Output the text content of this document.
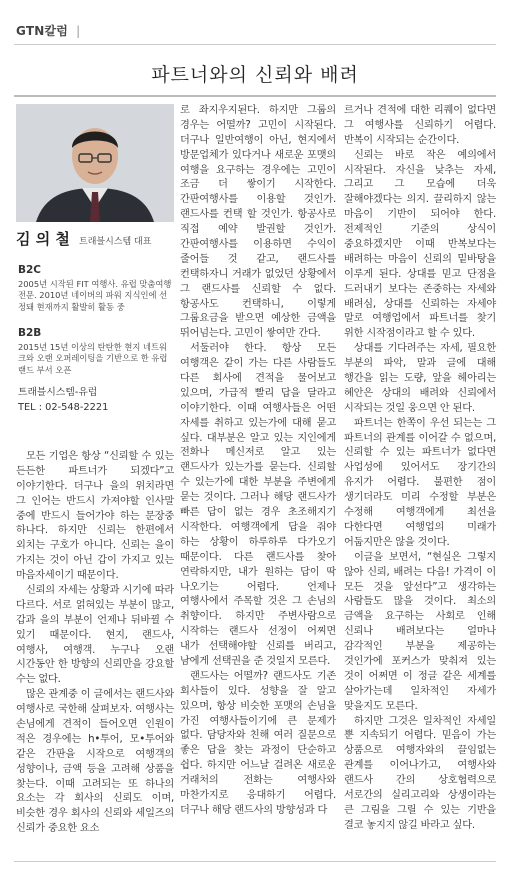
GTN칼럼 |
파트너와의 신뢰와 배려
김 의 철 트래블시스템 대표
B2C
2005년 시작된 FIT 여행사. 유럽 맞춤여행 전문. 2010년 네이버의 파워 지식인에 선정돼 현재까지 활발히 활동 중
B2B
2015년 15년 이상의 탄탄한 현지 네트워크와 오랜 오퍼레이팅을 기반으로 한 유럽 랜드 부서 오픈
트래블시스템-유럽
TEL : 02-548-2221

모든 기업은 항상 “신뢰할 수 있는 든든한 파트너가 되겠다”고 이야기한다. 더구나 을의 위치라면 그 인어는 반드시 가져야할 인사말 중에 반드시 들어가야 하는 문장중 하나다. 하지만 신뢰는 한편에서 외치는 구호가 아니다. 신뢰는 을이 가지는 것이 아닌 갑이 가지고 있는 마음자세이기 때문이다.

신뢰의 자세는 상황과 시기에 따라 다르다. 서로 얽혀있는 부분이 많고, 갑과 을의 부분이 언제나 뒤바뀔 수 있기 때문이다. 현지, 랜드사, 여행사, 여행객. 누구나 오랜 시간동안 한 방향의 신뢰만을 강요할 수는 없다.

많은 관계중 이 글에서는 랜드사와 여행사로 국한해 살펴보자. 여행사는 손님에게 견적이 들어오면 인원이 적은 경우에는 h•투어, 모•투어와 같은 간판을 시작으로 여행객의 성향이나, 금액 등을 고려해 상품을 찾는다. 이때 고려되는 또 하나의 요소는 각 회사의 신뢰도 이며, 비슷한 경우 회사의 신뢰와 세일즈의 신뢰가 중요한 요소

로 좌지우지된다. 하지만 그룹의 경우는 어떨까? 고민이 시작된다. 더구나 일반여행이 아닌, 현지에서 방문업체가 있다거나 새로운 포맷의 여행을 요구하는 경우에는 고민이 조금 더 쌓이기 시작한다. 간판여행사를 이용할 것인가. 랜드사를 컨택 할 것인가. 항공사로 직접 예약 발권할 것인가. 간판여행사를 이용하면 수익이 줄어들 것 같고, 랜드사를 컨택하자니 거래가 없었던 상황에서 그 랜드사를 신뢰할 수 없다. 항공사도 컨택하니, 이렇게 그룹요금을 받으면 예상한 금액을 뛰어넘는다. 고민이 쌓여만 간다.

서둘러야 한다. 항상 모든 여행객은 같이 가는 다른 사람들도 다른 회사에 견적을 물어보고 있으며, 가급적 빨리 답을 달라고 이야기한다. 이때 여행사들은 어떤 자세를 취하고 있는가에 대해 묻고 싶다. 대부분은 알고 있는 지인에게 전화나 메신저로 알고 있는 랜드사가 있는가를 묻는다. 신뢰할 수 있는가에 대한 부분을 주변에게 묻는 것이다. 그러나 해당 랜드사가 빠른 답이 없는 경우 초조해지기 시작한다. 여행객에게 답을 줘야 하는 상황이 하루하루 다가오기 때문이다. 다른 랜드사를 찾아 연락하지만, 내가 원하는 답이 딱 나오기는 어렵다. 언제나 여행사에서 주목할 것은 그 손님의 취향이다. 하지만 주변사람으로 시작하는 랜드사 선정이 어찌면 내가 선택해야할 신뢰를 버리고, 남에게 선택권을 준 것일지 모른다.

랜드사는 어떨까? 랜드사도 기존 회사들이 있다. 성향을 잘 알고 있으며, 항상 비슷한 포맷의 손님을 가진 여행사들이기에 큰 문제가 없다. 담당자와 친해 여러 질문으로 좋은 답을 찾는 과정이 단순하고 쉽다. 하지만 어느날 걸려온 새로운 거래처의 전화는 여행사와 마찬가지로 응대하기 어렵다. 더구나 해당 랜드사의 방향성과 다

르거나 견적에 대한 리퀘이 없다면 그 여행사를 신뢰하기 어렵다. 반복이 시작되는 순간이다.

신뢰는 바로 작은 예의에서 시작된다. 자신을 낮추는 자세, 그리고 그 모습에 더욱 잘해야겠다는 의지. 끌리하지 않는 마음이 기반이 되어야 한다. 전제적인 기준의 상식이 중요하겠지만 이때 반복보다는 배려하는 마음이 신뢰의 밑바탕을 이루게 된다. 상대를 믿고 단점을 드러내기 보다는 존중하는 자세와 배려심, 상대를 신뢰하는 자세야 말로 여행업에서 파트너를 찾기 위한 시작점이라고 할 수 있다.

상대를 기다려주는 자세, 필요한 부분의 파악, 말과 글에 대해 행간을 읽는 도량, 앞을 헤아리는 혜안은 상대의 배려와 신뢰에서 시작되는 것일 웅으면 안 된다.

파트너는 한쪽이 우선 되는는 그 파트너의 관계를 이어갈 수 없으며, 신뢰할 수 있는 파트너가 없다면 사업성에 있어서도 장기간의 유지가 어렵다. 불편한 점이 생기더라도 미리 수정할 부분은 수정해 여행객에게 최선을 다한다면 여행업의 미래가 어둡지만은 않을 것이다.

이글을 보면서, “현실은 그렇지 않아 신뢰, 배려는 다음! 가격이 이 모든 것을 앞선다”고 생각하는 사람들도 많을 것이다. 최소의 금액을 요구하는 사회로 인해 신뢰나 배려보다는 얼마나 감각적인 부분을 제공하는 것인가에 포커스가 맞춰져 있는 것이 어쩌면 이 정글 같은 세계를 살아가는데 일차적인 자세가 맞을지도 모른다.

하지만 그것은 일차적인 자세일 뿐 지속되기 어렵다. 믿음이 가는 상품으로 여행자와의 끌임없는 관계를 이어나가고, 여행사와 랜드사 간의 상호협력으로 서로간의 실리고리와 상생이라는 큰 그림을 그릴 수 있는 기반을 결코 놓지지 않길 바라고 싶다.
